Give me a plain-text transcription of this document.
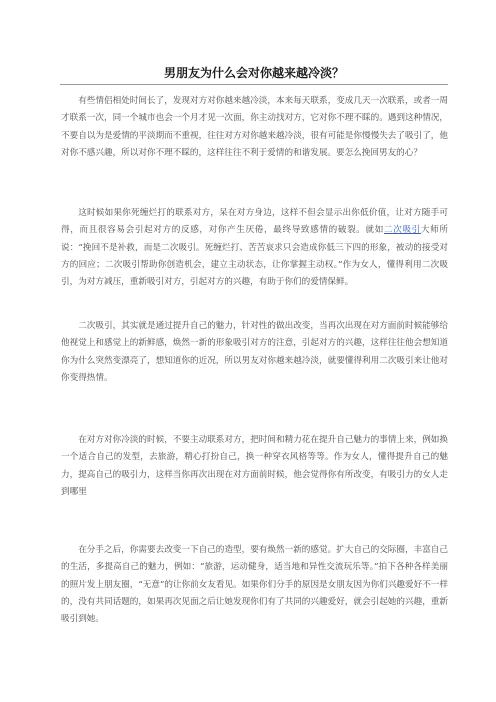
男朋友为什么会对你越来越冷淡？

有些情侣相处时间长了，发现对方对你越来越冷淡，本来每天联系，变成几天一次联系，或者一周才联系一次，同一个城市也会一个月才见一次面，你主动找对方，它对你不理不睬的。遇到这种情况，不要自以为是爱情的平淡期而不重视，往往对方对你越来越冷淡，很有可能是你慢慢失去了吸引了，他对你不感兴趣，所以对你不理不睬的，这样往往不利于爱情的和谐发展。要怎么挽回男友的心？

这时候如果你死缠烂打的联系对方，呆在对方身边，这样不但会显示出你低价值，让对方随手可得，而且很容易会引起对方的反感，对你产生厌倦，最终导致感情的破裂。就如二次吸引大师所说：“挽回不是补救，而是二次吸引。死缠烂打、苦苦哀求只会造成你低三下四的形象，被动的接受对方的回应；二次吸引帮助你创造机会，建立主动状态，让你掌握主动权。”作为女人，懂得利用二次吸引，为对方减压，重新吸引对方，引起对方的兴趣，有助于你们的爱情保鲜。

二次吸引，其实就是通过提升自己的魅力，针对性的做出改变，当再次出现在对方面前时候能够给他视觉上和感觉上的新鲜感，焕然一新的形象吸引对方的注意，引起对方的兴趣，这样往往他会想知道你为什么突然变漂亮了，想知道你的近况，所以男友对你越来越冷淡，就要懂得利用二次吸引来让他对你变得热情。

在对方对你冷淡的时候，不要主动联系对方，把时间和精力花在提升自己魅力的事情上来，例如换一个适合自己的发型，去旅游，精心打扮自己，换一种穿衣风格等等。作为女人，懂得提升自己的魅力，提高自己的吸引力，这样当你再次出现在对方面前时候，他会觉得你有所改变，有吸引力的女人走到哪里

在分手之后，你需要去改变一下自己的造型，要有焕然一新的感觉。扩大自己的交际圈，丰富自己的生活，多提高自己的魅力，例如：“旅游，运动健身，适当地和异性交流玩乐等。”拍下各种各样美丽的照片发上朋友圈，“无意”的让你前女友看见。如果你们分手的原因是女朋友因为你们兴趣爱好不一样的，没有共同话题的，如果再次见面之后让她发现你们有了共同的兴趣爱好，就会引起她的兴趣，重新吸引到她。
